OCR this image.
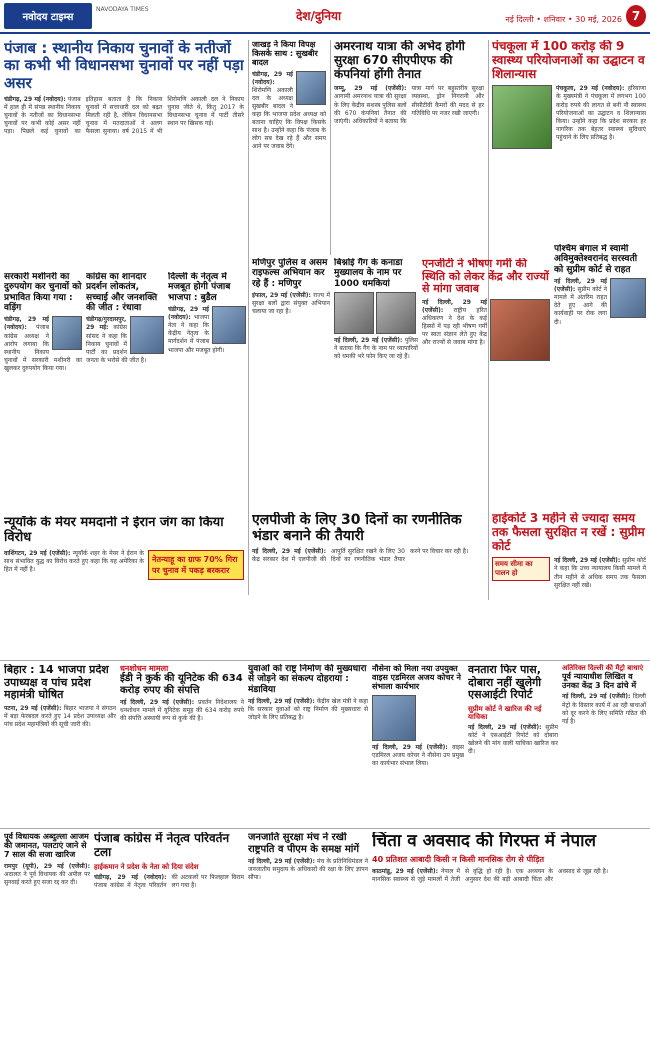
नवोदय टाइम्स
NAVODAYA TIMES	देश/दुनिया	नई दिल्ली • शनिवार • 30 मई, 2026 7
पंजाब : स्थानीय निकाय चुनावों के नतीजों का कभी भी विधानसभा चुनावों पर नहीं पड़ा असर
चंडीगढ़, 29 मई (नवोदय): पंजाब में हाल ही में संपन्न स्थानीय निकाय चुनावों के नतीजों का विधानसभा चुनावों पर कभी कोई असर नहीं पड़ा। पिछले कई चुनावों का इतिहास बताता है कि निकाय चुनावों में सत्ताधारी दल को बढ़त मिलती रही है, लेकिन विधानसभा चुनाव में मतदाताओं ने अलग फैसला सुनाया। वर्ष 2015 में भी शिरोमणि अकाली दल ने निकाय चुनाव जीते थे, किंतु 2017 के विधानसभा चुनाव में पार्टी तीसरे स्थान पर खिसक गई।
जाखड़ ने किया विपक्ष किसके साथ : सुखबीर बादल
चंडीगढ़, 29 मई (नवोदय): शिरोमणि अकाली दल के अध्यक्ष सुखबीर बादल ने कहा कि भाजपा प्रदेश अध्यक्ष को बताना चाहिए कि विपक्ष किसके साथ है। उन्होंने कहा कि पंजाब के लोग सब देख रहे हैं और समय आने पर जवाब देंगे।
अमरनाथ यात्रा की अभेद होगी सुरक्षा 670 सीएपीएफ की कंपनियां होंगी तैनात
जम्मू, 29 मई (एजेंसी): आगामी अमरनाथ यात्रा की सुरक्षा के लिए केंद्रीय सशस्त्र पुलिस बलों की 670 कंपनियां तैनात की जाएंगी। अधिकारियों ने बताया कि यात्रा मार्ग पर बहुस्तरीय सुरक्षा व्यवस्था, ड्रोन निगरानी और सीसीटीवी कैमरों की मदद से हर गतिविधि पर नजर रखी जाएगी।
पंचकूला में 100 करोड़ की 9 स्वास्थ्य परियोजनाओं का उद्घाटन व शिलान्यास
पंचकूला, 29 मई (नवोदय): हरियाणा के मुख्यमंत्री ने पंचकूला में लगभग 100 करोड़ रुपये की लागत से बनी नौ स्वास्थ्य परियोजनाओं का उद्घाटन व शिलान्यास किया। उन्होंने कहा कि प्रदेश सरकार हर नागरिक तक बेहतर स्वास्थ्य सुविधाएं पहुंचाने के लिए प्रतिबद्ध है।
सरकारी मशीनरी का दुरुपयोग कर चुनावों को प्रभावित किया गया : वड़िंग
चंडीगढ़, 29 मई (नवोदय): पंजाब कांग्रेस अध्यक्ष ने आरोप लगाया कि स्थानीय निकाय चुनावों में सरकारी मशीनरी का खुलकर दुरुपयोग किया गया।
कांग्रेस का शानदार प्रदर्शन लोकतंत्र, सच्चाई और जनशक्ति की जीत : रंधावा
चंडीगढ़/गुरदासपुर, 29 मई: कांग्रेस सांसद ने कहा कि निकाय चुनावों में पार्टी का प्रदर्शन जनता के भरोसे की जीत है।
दिल्ली के नेतृत्व में मजबूत होगी पंजाब भाजपा : बुडैल
चंडीगढ़, 29 मई (नवोदय): भाजपा नेता ने कहा कि केंद्रीय नेतृत्व के मार्गदर्शन में पंजाब भाजपा और मजबूत होगी।
मणिपुर पुलिस व असम राइफल्स अभियान कर रहे हैं : मणिपुर
इंफाल, 29 मई (एजेंसी): राज्य में सुरक्षा बलों द्वारा संयुक्त अभियान चलाया जा रहा है।
बिश्नोई गैंग के कनाडा मुख्यालय के नाम पर 1000 धमकियां
नई दिल्ली, 29 मई (एजेंसी): पुलिस ने बताया कि गैंग के नाम पर व्यापारियों को धमकी भरे फोन किए जा रहे हैं।
एनजीटी ने भीषण गर्मी की स्थिति को लेकर केंद्र और राज्यों से मांगा जवाब
नई दिल्ली, 29 मई (एजेंसी): राष्ट्रीय हरित अधिकरण ने देश के कई हिस्सों में पड़ रही भीषण गर्मी पर स्वतः संज्ञान लेते हुए केंद्र और राज्यों से जवाब मांगा है।
पश्चिम बंगाल में स्वामी अविमुक्तेश्वरानंद सरस्वती को सुप्रीम कोर्ट से राहत
नई दिल्ली, 29 मई (एजेंसी): सुप्रीम कोर्ट ने मामले में अंतरिम राहत देते हुए आगे की कार्यवाही पर रोक लगा दी।
एलपीजी के लिए 30 दिनों का रणनीतिक भंडार बनाने की तैयारी
नई दिल्ली, 29 मई (एजेंसी): केंद्र सरकार देश में एलपीजी की आपूर्ति सुरक्षित रखने के लिए 30 दिनों का रणनीतिक भंडार तैयार करने पर विचार कर रही है।
हाईकोर्ट 3 महीने से ज्यादा समय तक फैसला सुरक्षित न रखें : सुप्रीम कोर्ट
समय सीमा का पालन हो
नई दिल्ली, 29 मई (एजेंसी): सुप्रीम कोर्ट ने कहा कि उच्च न्यायालय किसी मामले में तीन महीने से अधिक समय तक फैसला सुरक्षित नहीं रखें।
न्यूयॉर्क के मेयर ममदानी ने ईरान जंग का किया विरोध
नेतन्याहू का ग्राफ 70% गिरा पर चुनाव में पकड़ बरकरार
वाशिंगटन, 29 मई (एजेंसी): न्यूयॉर्क शहर के मेयर ने ईरान के साथ संभावित युद्ध का विरोध करते हुए कहा कि यह अमेरिका के हित में नहीं है।
बिहार : 14 भाजपा प्रदेश उपाध्यक्ष व पांच प्रदेश महामंत्री घोषित
पटना, 29 मई (एजेंसी): बिहार भाजपा ने संगठन में बड़ा फेरबदल करते हुए 14 प्रदेश उपाध्यक्ष और पांच प्रदेश महामंत्रियों की सूची जारी की।
धनशोधन मामला
ईडी ने कुर्क की यूनिटेक की 634 करोड़ रुपए की संपत्ति
नई दिल्ली, 29 मई (एजेंसी): प्रवर्तन निदेशालय ने धनशोधन मामले में यूनिटेक समूह की 634 करोड़ रुपये की संपत्ति अस्थायी रूप से कुर्क की है।
युवाओं को राष्ट्र निर्माण की मुख्यधारा से जोड़ने का संकल्प दोहराया : मंडाविया
नई दिल्ली, 29 मई (एजेंसी): केंद्रीय खेल मंत्री ने कहा कि सरकार युवाओं को राष्ट्र निर्माण की मुख्यधारा से जोड़ने के लिए प्रतिबद्ध है।
नौसेना को मिला नया उपयुक्त वाइस एडमिरल अजय कोचर ने संभाला कार्यभार
नई दिल्ली, 29 मई (एजेंसी): वाइस एडमिरल अजय कोचर ने नौसेना उप प्रमुख का कार्यभार संभाल लिया।
वनतारा फिर पास, दोबारा नहीं खुलेगी एसआईटी रिपोर्ट
सुप्रीम कोर्ट ने खारिज की नई याचिका
नई दिल्ली, 29 मई (एजेंसी): सुप्रीम कोर्ट ने एसआईटी रिपोर्ट को दोबारा खोलने की मांग वाली याचिका खारिज कर दी।
अतिरिक्त दिल्ली की मैट्रो बाधाएं
पूर्व न्यायाधीश लिखित व उनका केंद्र 3 दिन ढांचे में
नई दिल्ली, 29 मई (एजेंसी): दिल्ली मेट्रो के विस्तार कार्य में आ रही बाधाओं को दूर करने के लिए समिति गठित की गई है।
पूर्व विधायक अब्दुल्ला आजम की जमानत, पलटाएं जाने से 7 साल की सजा खारिज
रामपुर (यूपी), 29 मई (एजेंसी): अदालत ने पूर्व विधायक की अपील पर सुनवाई करते हुए सजा रद्द कर दी।
पंजाब कांग्रेस में नेतृत्व परिवर्तन टला
हाईकमान ने प्रदेश के नेता को दिया संदेश
चंडीगढ़, 29 मई (नवोदय): पंजाब कांग्रेस में नेतृत्व परिवर्तन की अटकलों पर फिलहाल विराम लग गया है।
जनजाति सुरक्षा मंच ने रखी राष्ट्रपति व पीएम के समक्ष मांगें
नई दिल्ली, 29 मई (एजेंसी): मंच के प्रतिनिधिमंडल ने जनजातीय समुदाय के अधिकारों की रक्षा के लिए ज्ञापन सौंपा।
चिंता व अवसाद की गिरफ्त में नेपाल
40 प्रतिशत आबादी किसी न किसी मानसिक रोग से पीड़ित
काठमांडू, 29 मई (एजेंसी): नेपाल में मानसिक स्वास्थ्य से जुड़े मामलों में तेजी से वृद्धि हो रही है। एक अध्ययन के अनुसार देश की बड़ी आबादी चिंता और अवसाद से जूझ रही है।
